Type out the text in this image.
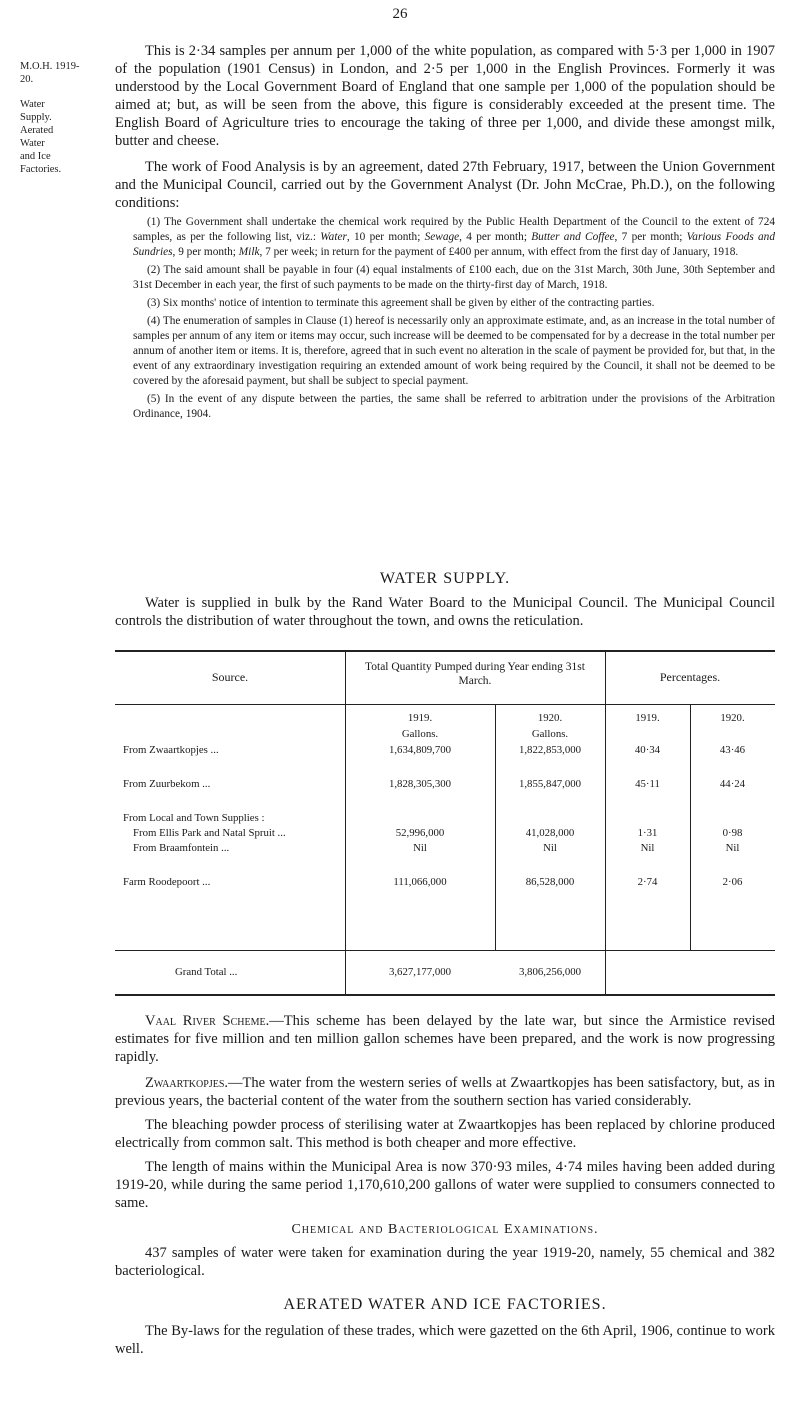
26
M.O.H. 1919-20.
Water
Supply.
Aerated
Water
and Ice
Factories.

This is 2·34 samples per annum per 1,000 of the white population, as compared with 5·3 per 1,000 in 1907 of the population (1901 Census) in London, and 2·5 per 1,000 in the English Provinces. Formerly it was understood by the Local Government Board of England that one sample per 1,000 of the population should be aimed at; but, as will be seen from the above, this figure is considerably exceeded at the present time. The English Board of Agriculture tries to encourage the taking of three per 1,000, and divide these amongst milk, butter and cheese.

The work of Food Analysis is by an agreement, dated 27th February, 1917, between the Union Government and the Municipal Council, carried out by the Government Analyst (Dr. John McCrae, Ph.D.), on the following conditions:

(1) The Government shall undertake the chemical work required by the Public Health Department of the Council to the extent of 724 samples, as per the following list, viz.: Water, 10 per month; Sewage, 4 per month; Butter and Coffee, 7 per month; Various Foods and Sundries, 9 per month; Milk, 7 per week; in return for the payment of £400 per annum, with effect from the first day of January, 1918.

(2) The said amount shall be payable in four (4) equal instalments of £100 each, due on the 31st March, 30th June, 30th September and 31st December in each year, the first of such payments to be made on the thirty-first day of March, 1918.

(3) Six months' notice of intention to terminate this agreement shall be given by either of the contracting parties.

(4) The enumeration of samples in Clause (1) hereof is necessarily only an approximate estimate, and, as an increase in the total number of samples per annum of any item or items may occur, such increase will be deemed to be compensated for by a decrease in the total number per annum of another item or items. It is, therefore, agreed that in such event no alteration in the scale of payment be provided for, but that, in the event of any extraordinary investigation requiring an extended amount of work being required by the Council, it shall not be deemed to be covered by the aforesaid payment, but shall be subject to special payment.

(5) In the event of any dispute between the parties, the same shall be referred to arbitration under the provisions of the Arbitration Ordinance, 1904.

WATER SUPPLY.

Water is supplied in bulk by the Rand Water Board to the Municipal Council. The Municipal Council controls the distribution of water throughout the town, and owns the reticulation.

Source.
Total Quantity Pumped during Year ending 31st March.	Percentages.
1919.	1920.	1919.	1920.
Gallons.	Gallons.
From Zwaartkopjes ...	1,634,809,700	1,822,853,000	40·34	43·46
From Zuurbekom ...	1,828,305,300	1,855,847,000	45·11	44·24
From Local and Town Supplies :
From Ellis Park and Natal Spruit ...	52,996,000	41,028,000	1·31	0·98
From Braamfontein ...	Nil	Nil	Nil	Nil
Farm Roodepoort ...	111,066,000	86,528,000	2·74	2·06
Grand Total ...	3,627,177,000	3,806,256,000

Vaal River Scheme.—This scheme has been delayed by the late war, but since the Armistice revised estimates for five million and ten million gallon schemes have been prepared, and the work is now progressing rapidly.

Zwaartkopjes.—The water from the western series of wells at Zwaartkopjes has been satisfactory, but, as in previous years, the bacterial content of the water from the southern section has varied considerably.

The bleaching powder process of sterilising water at Zwaartkopjes has been replaced by chlorine produced electrically from common salt. This method is both cheaper and more effective.

The length of mains within the Municipal Area is now 370·93 miles, 4·74 miles having been added during 1919-20, while during the same period 1,170,610,200 gallons of water were supplied to consumers connected to same.

Chemical and Bacteriological Examinations.

437 samples of water were taken for examination during the year 1919-20, namely, 55 chemical and 382 bacteriological.

AERATED WATER AND ICE FACTORIES.

The By-laws for the regulation of these trades, which were gazetted on the 6th April, 1906, continue to work well.
